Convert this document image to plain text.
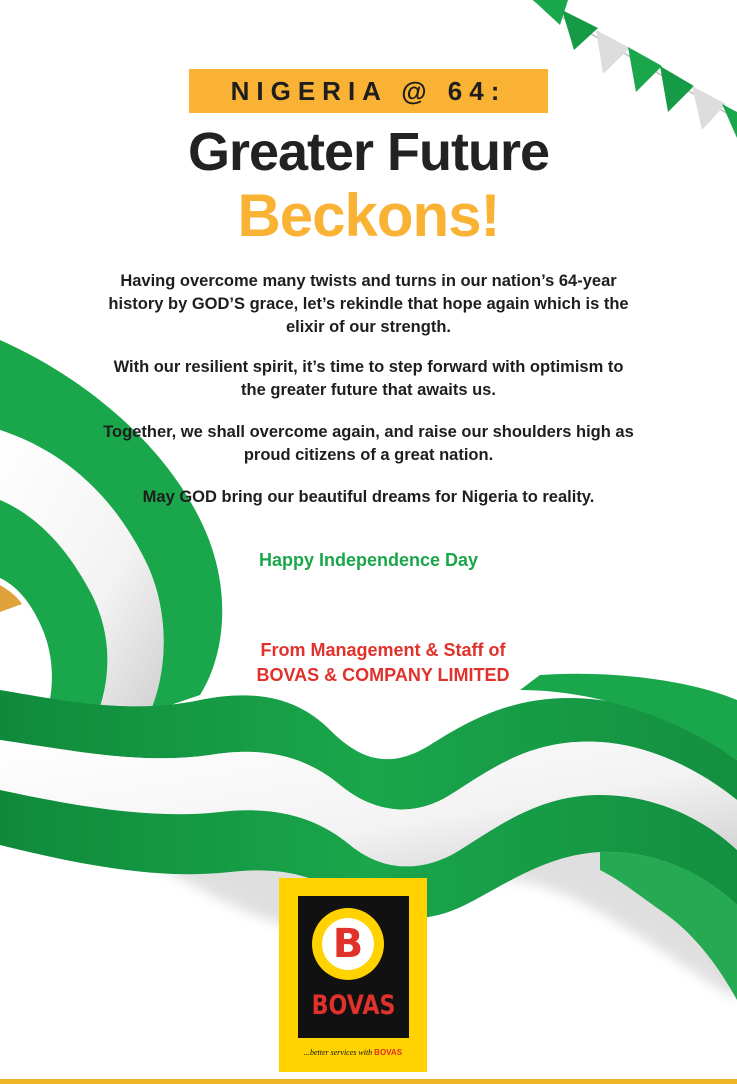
NIGERIA @ 64:
Greater Future
Beckons!
Having overcome many twists and turns in our nation’s 64-year history by GOD’S grace, let’s rekindle that hope again which is the elixir of our strength.
With our resilient spirit, it’s time to step forward with optimism to the greater future that awaits us.
Together, we shall overcome again, and raise our shoulders high as proud citizens of a great nation.
May GOD bring our beautiful dreams for Nigeria to reality.
Happy Independence Day
From Management & Staff of
BOVAS & COMPANY LIMITED
B
BOVAS
...better services with BOVAS
